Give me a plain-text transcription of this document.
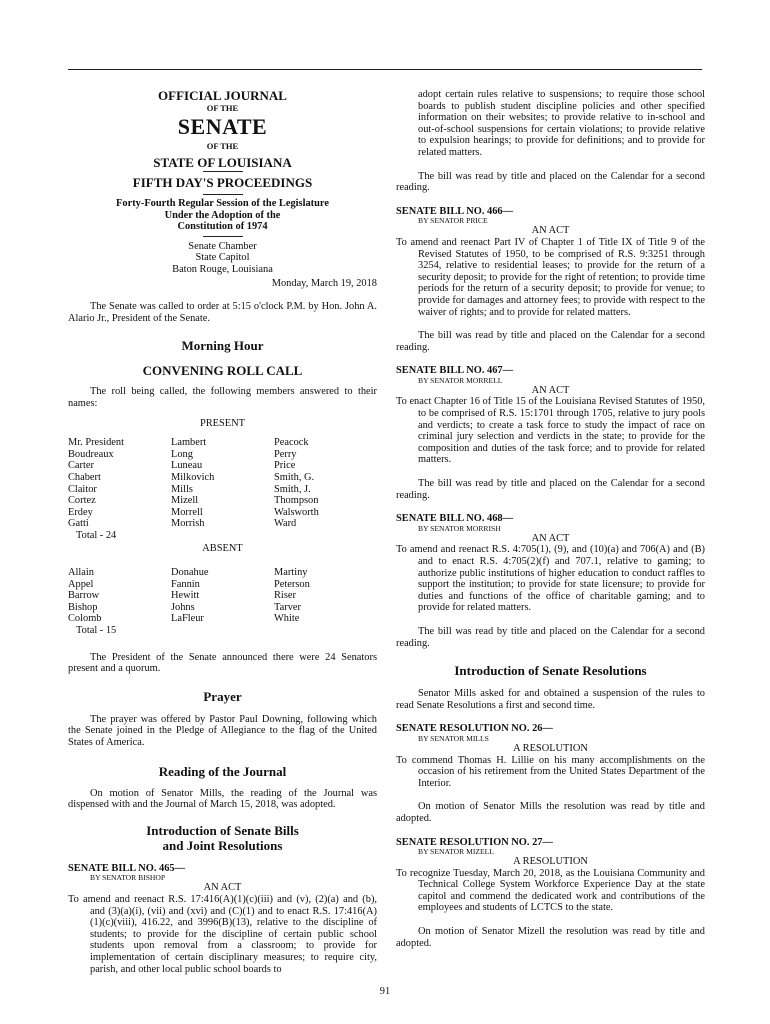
OFFICIAL JOURNAL
OF THE
SENATE
OF THE
STATE OF LOUISIANA
FIFTH DAY'S PROCEEDINGS
Forty-Fourth Regular Session of the Legislature
Under the Adoption of the
Constitution of 1974
Senate Chamber
State Capitol
Baton Rouge, Louisiana
Monday, March 19, 2018

The Senate was called to order at 5:15 o'clock P.M. by Hon. John A. Alario Jr., President of the Senate.

Morning Hour
CONVENING ROLL CALL

The roll being called, the following members answered to their names:

PRESENT
Mr. President	Lambert	Peacock
Boudreaux	Long	Perry
Carter	Luneau	Price
Chabert	Milkovich	Smith, G.
Claitor	Mills	Smith, J.
Cortez	Mizell	Thompson
Erdey	Morrell	Walsworth
Gatti	Morrish	Ward
Total - 24
ABSENT
Allain	Donahue	Martiny
Appel	Fannin	Peterson
Barrow	Hewitt	Riser
Bishop	Johns	Tarver
Colomb	LaFleur	White
Total - 15

The President of the Senate announced there were 24 Senators present and a quorum.

Prayer

The prayer was offered by Pastor Paul Downing, following which the Senate joined in the Pledge of Allegiance to the flag of the United States of America.

Reading of the Journal

On motion of Senator Mills, the reading of the Journal was dispensed with and the Journal of March 15, 2018, was adopted.

Introduction of Senate Bills
and Joint Resolutions
SENATE BILL NO. 465—
BY SENATOR BISHOP
AN ACT

To amend and reenact R.S. 17:416(A)(1)(c)(iii) and (v), (2)(a) and (b), and (3)(a)(i), (vii) and (xvi) and (C)(1) and to enact R.S. 17:416(A)(1)(c)(viii), 416.22, and 3996(B)(13), relative to the discipline of students; to provide for the discipline of certain public school students upon removal from a classroom; to provide for implementation of certain disciplinary measures; to require city, parish, and other local public school boards to

adopt certain rules relative to suspensions; to require those school boards to publish student discipline policies and other specified information on their websites; to provide relative to in-school and out-of-school suspensions for certain violations; to provide relative to expulsion hearings; to provide for definitions; and to provide for related matters.

The bill was read by title and placed on the Calendar for a second reading.

SENATE BILL NO. 466—
BY SENATOR PRICE
AN ACT

To amend and reenact Part IV of Chapter 1 of Title IX of Title 9 of the Revised Statutes of 1950, to be comprised of R.S. 9:3251 through 3254, relative to residential leases; to provide for the return of a security deposit; to provide for the right of retention; to provide time periods for the return of a security deposit; to provide for venue; to provide for damages and attorney fees; to provide with respect to the waiver of rights; and to provide for related matters.

The bill was read by title and placed on the Calendar for a second reading.

SENATE BILL NO. 467—
BY SENATOR MORRELL
AN ACT

To enact Chapter 16 of Title 15 of the Louisiana Revised Statutes of 1950, to be comprised of R.S. 15:1701 through 1705, relative to jury pools and verdicts; to create a task force to study the impact of race on criminal jury selection and verdicts in the state; to provide for the composition and duties of the task force; and to provide for related matters.

The bill was read by title and placed on the Calendar for a second reading.

SENATE BILL NO. 468—
BY SENATOR MORRISH
AN ACT

To amend and reenact R.S. 4:705(1), (9), and (10)(a) and 706(A) and (B) and to enact R.S. 4:705(2)(f) and 707.1, relative to gaming; to authorize public institutions of higher education to conduct raffles to support the institution; to provide for state licensure; to provide for duties and functions of the office of charitable gaming; and to provide for related matters.

The bill was read by title and placed on the Calendar for a second reading.

Introduction of Senate Resolutions

Senator Mills asked for and obtained a suspension of the rules to read Senate Resolutions a first and second time.

SENATE RESOLUTION NO. 26—
BY SENATOR MILLS
A RESOLUTION

To commend Thomas H. Lillie on his many accomplishments on the occasion of his retirement from the United States Department of the Interior.

On motion of Senator Mills the resolution was read by title and adopted.

SENATE RESOLUTION NO. 27—
BY SENATOR MIZELL
A RESOLUTION

To recognize Tuesday, March 20, 2018, as the Louisiana Community and Technical College System Workforce Experience Day at the state capitol and commend the dedicated work and contributions of the employees and students of LCTCS to the state.

On motion of Senator Mizell the resolution was read by title and adopted.

91
